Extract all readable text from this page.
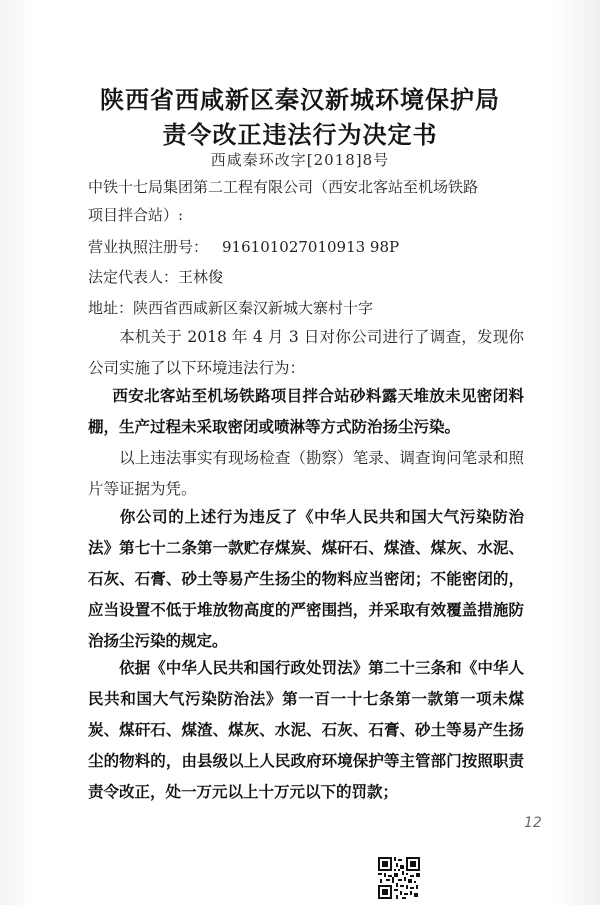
陕西省西咸新区秦汉新城环境保护局
责令改正违法行为决定书
西咸秦环改字[2018]8号
中铁十七局集团第二工程有限公司（西安北客站至机场铁路
项目拌合站）:
营业执照注册号： 916101027010913 98P
法定代表人：王林俊
地址：陕西省西咸新区秦汉新城大寨村十字
本机关于 2018 年 4 月 3 日对你公司进行了调查，发现你公司实施了以下环境违法行为：
西安北客站至机场铁路项目拌合站砂料露天堆放未见密闭料棚，生产过程未采取密闭或喷淋等方式防治扬尘污染。
以上违法事实有现场检查（勘察）笔录、调查询问笔录和照片等证据为凭。
你公司的上述行为违反了《中华人民共和国大气污染防治法》第七十二条第一款贮存煤炭、煤矸石、煤渣、煤灰、水泥、石灰、石膏、砂土等易产生扬尘的物料应当密闭；不能密闭的，应当设置不低于堆放物高度的严密围挡，并采取有效覆盖措施防治扬尘污染的规定。
依据《中华人民共和国行政处罚法》第二十三条和《中华人民共和国大气污染防治法》第一百一十七条第一款第一项未煤炭、煤矸石、煤渣、煤灰、水泥、石灰、石膏、砂土等易产生扬尘的物料的，由县级以上人民政府环境保护等主管部门按照职责责令改正，处一万元以上十万元以下的罚款；
12
